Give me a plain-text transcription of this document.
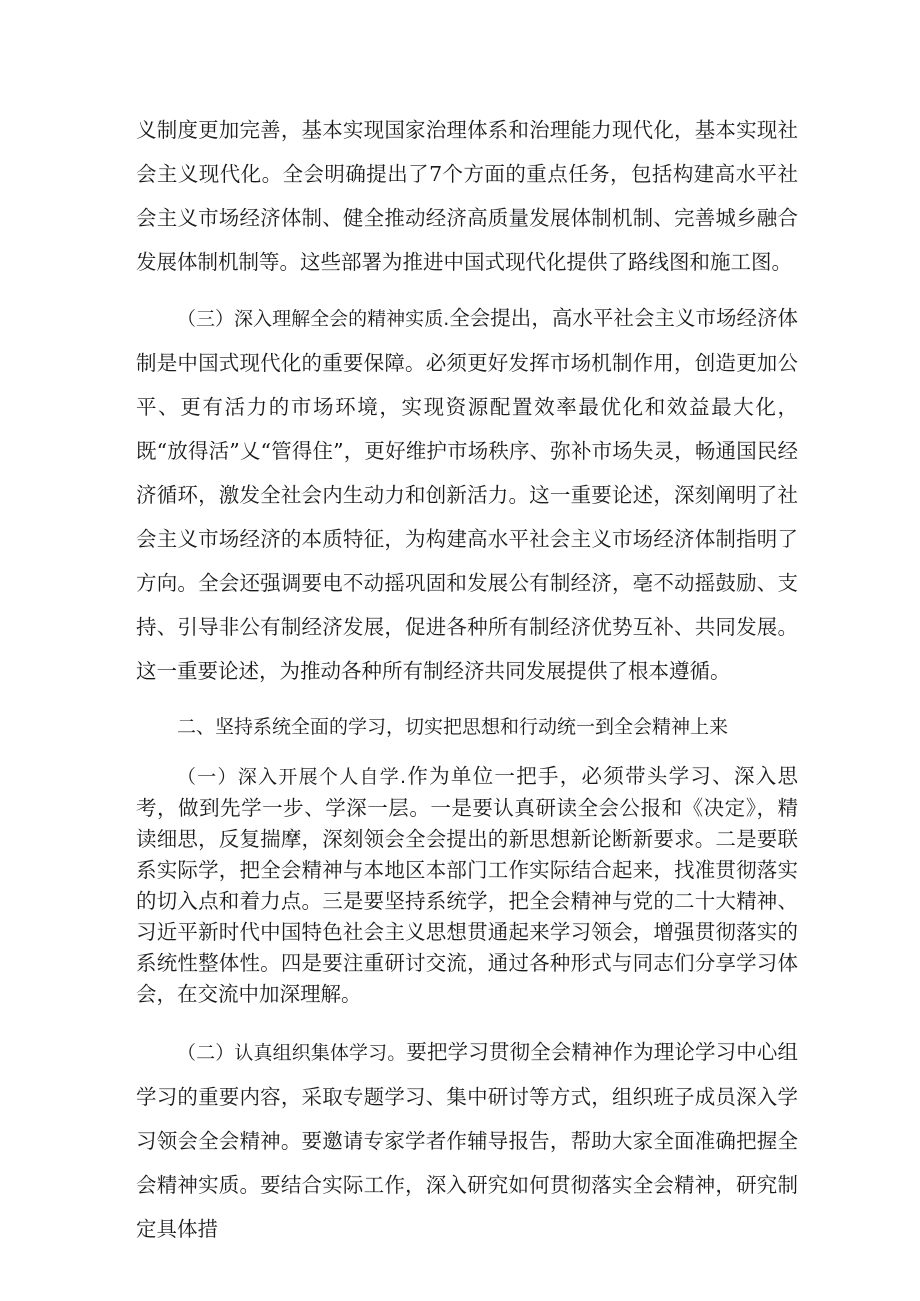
义制度更加完善，基本实现国家治理体系和治理能力现代化，基本实现社会主义现代化。全会明确提出了7个方面的重点任务，包括构建高水平社会主义市场经济体制、健全推动经济高质量发展体制机制、完善城乡融合发展体制机制等。这些部署为推进中国式现代化提供了路线图和施工图。

（三）深入理解全会的精神实质.全会提出，高水平社会主义市场经济体制是中国式现代化的重要保障。必须更好发挥市场机制作用，创造更加公平、更有活力的市场环境，实现资源配置效率最优化和效益最大化，既“放得活”乂“管得住”，更好维护市场秩序、弥补市场失灵，畅通国民经济循环，激发全社会内生动力和创新活力。这一重要论述，深刻阐明了社会主义市场经济的本质特征，为构建高水平社会主义市场经济体制指明了方向。全会还强调要电不动摇巩固和发展公有制经济，亳不动摇鼓励、支持、引导非公有制经济发展，促进各种所有制经济优势互补、共同发展。这一重要论述，为推动各种所有制经济共同发展提供了根本遵循。

二、坚持系统全面的学习，切实把思想和行动统一到全会精神上来

（一）深入开展个人自学.作为单位一把手，必须带头学习、深入思考，做到先学一步、学深一层。一是要认真研读全会公报和《决定》，精读细思，反复揣摩，深刻领会全会提出的新思想新论断新要求。二是要联系实际学，把全会精神与本地区本部门工作实际结合起来，找准贯彻落实的切入点和着力点。三是要坚持系统学，把全会精神与党的二十大精神、习近平新时代中国特色社会主义思想贯通起来学习领会，增强贯彻落实的系统性整体性。四是要注重研讨交流，通过各种形式与同志们分享学习体会，在交流中加深理解。

（二）认真组织集体学习。要把学习贯彻全会精神作为理论学习中心组学习的重要内容，采取专题学习、集中研讨等方式，组织班子成员深入学习领会全会精神。要邀请专家学者作辅导报告，帮助大家全面准确把握全会精神实质。要结合实际工作，深入研究如何贯彻落实全会精神，研究制定具体措
